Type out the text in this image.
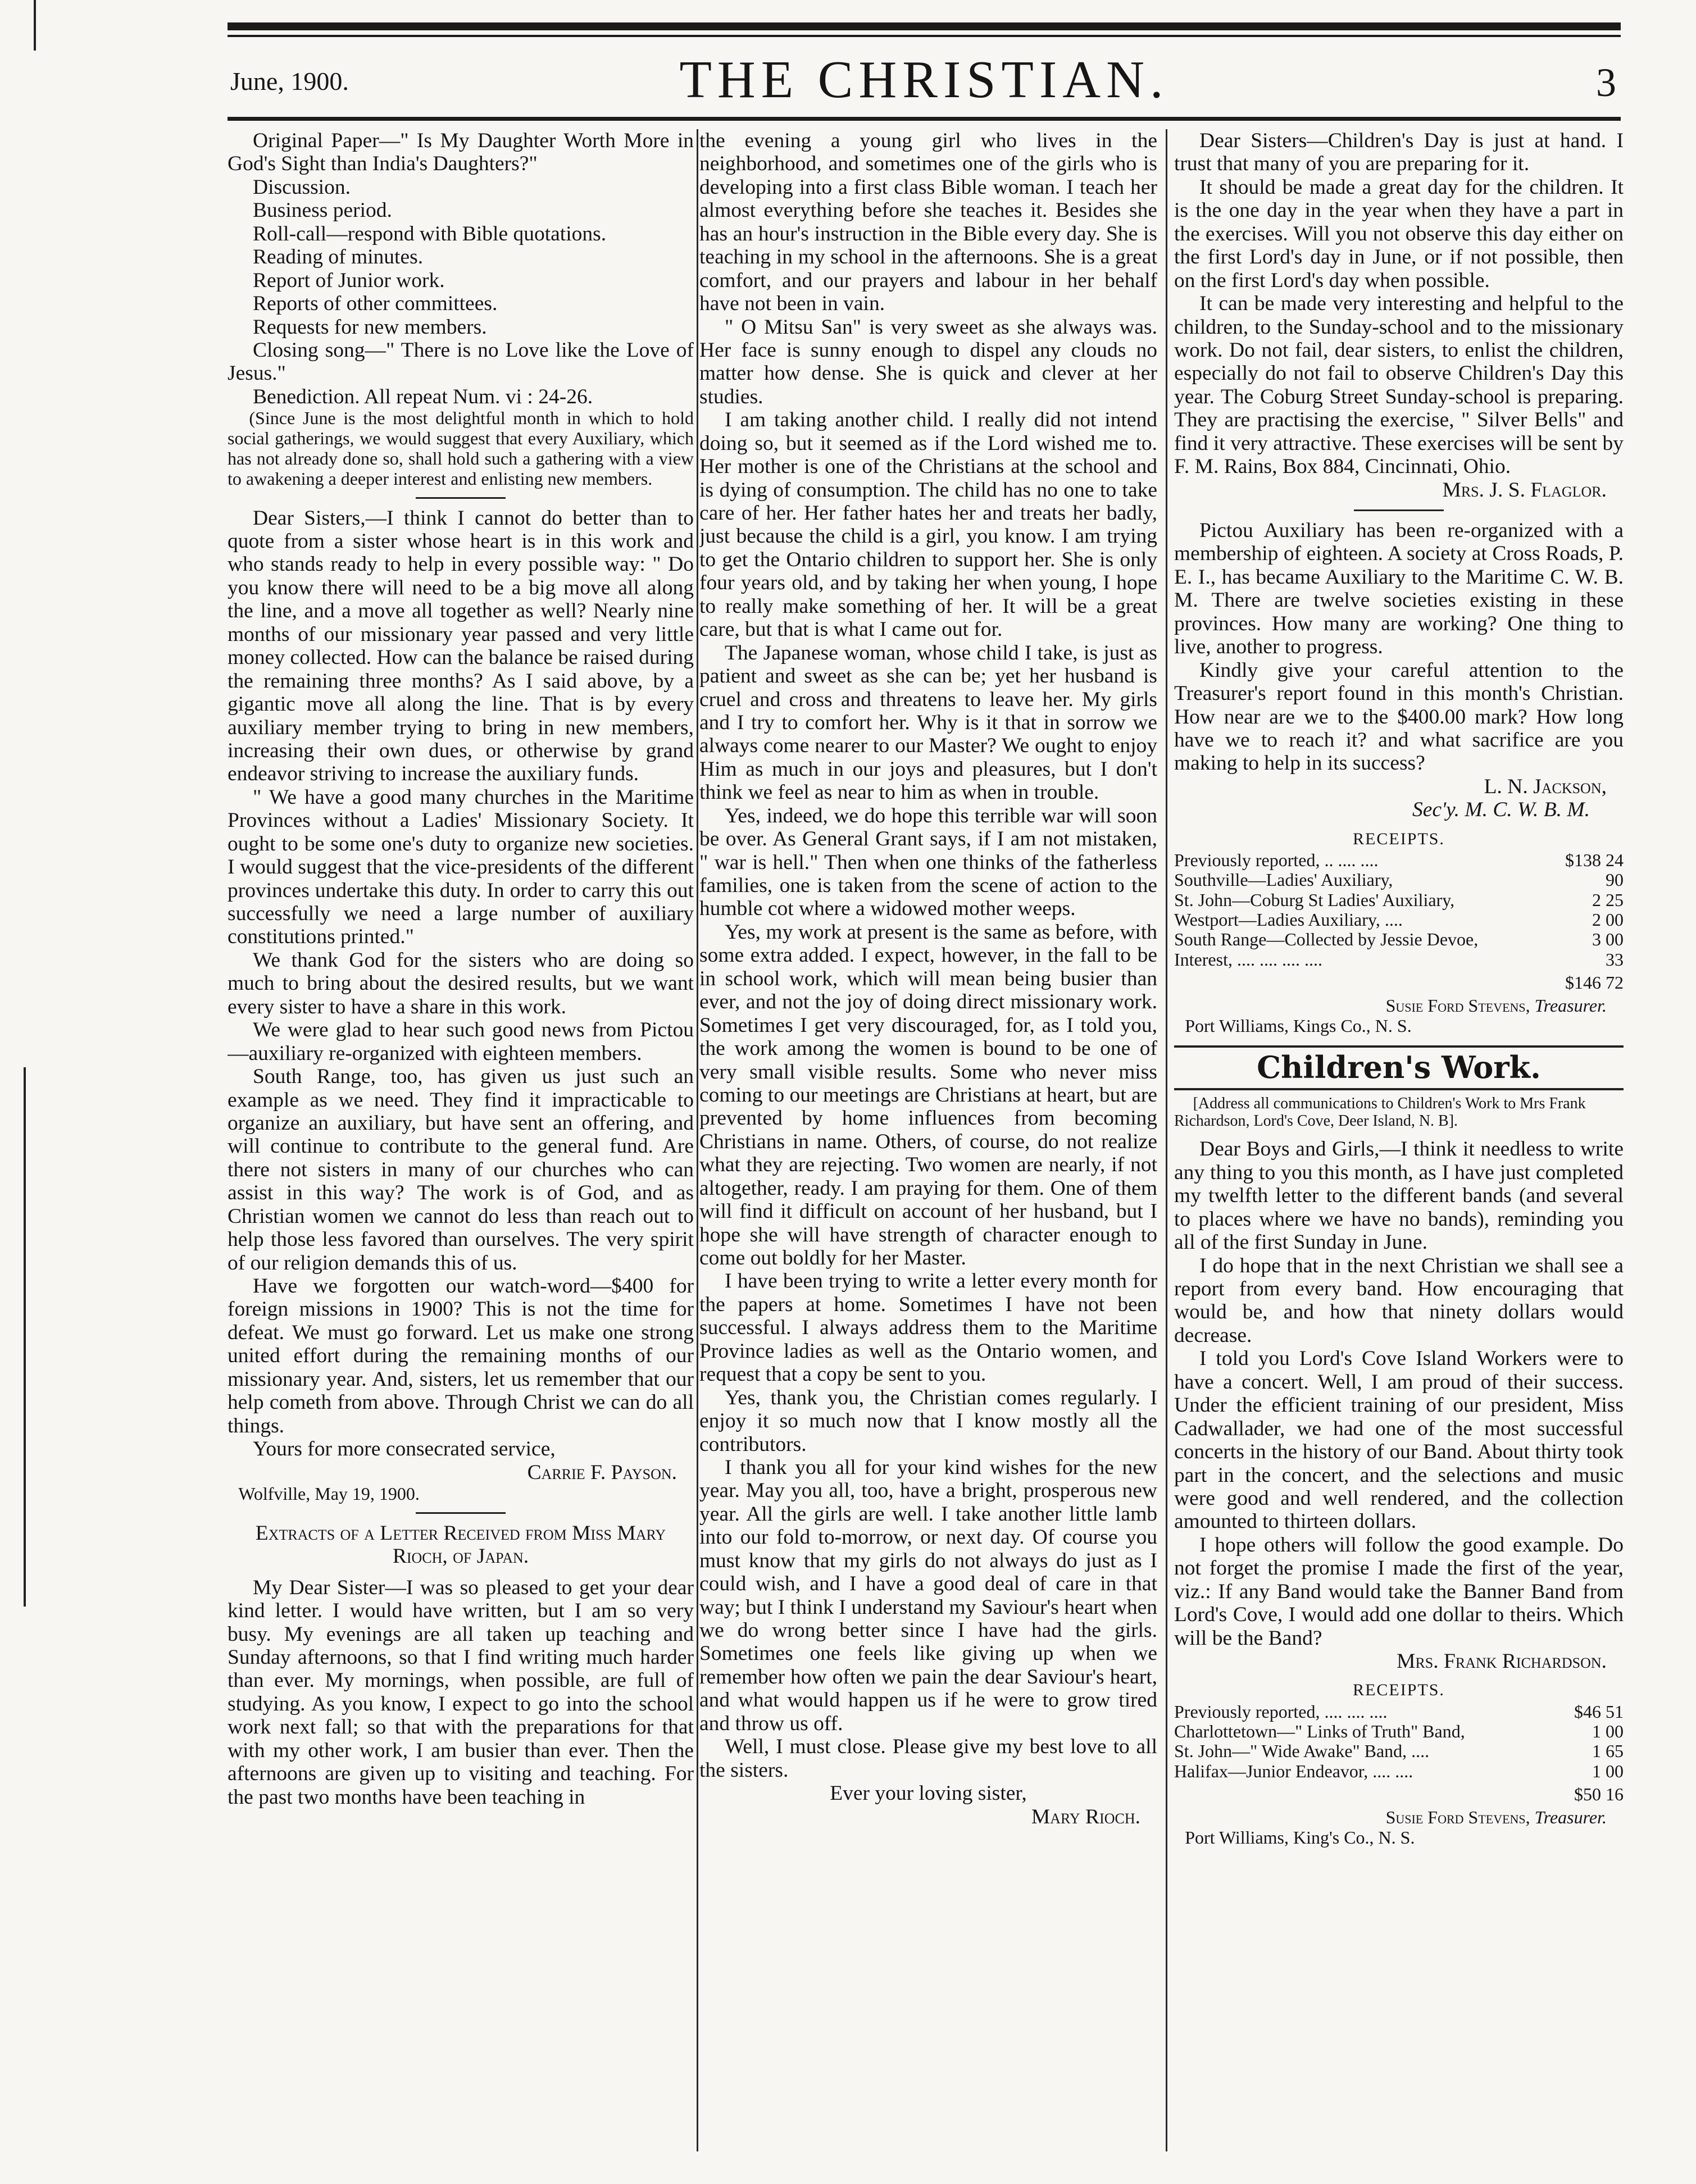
June, 1900.	THE CHRISTIAN.	3

Original Paper—" Is My Daughter Worth More in God's Sight than India's Daughters?"

Discussion.

Business period.

Roll-call—respond with Bible quotations.

Reading of minutes.

Report of Junior work.

Reports of other committees.

Requests for new members.

Closing song—" There is no Love like the Love of Jesus."

Benediction. All repeat Num. vi : 24-26.

(Since June is the most delightful month in which to hold social gatherings, we would suggest that every Auxiliary, which has not already done so, shall hold such a gathering with a view to awakening a deeper interest and enlisting new members.

Dear Sisters,—I think I cannot do better than to quote from a sister whose heart is in this work and who stands ready to help in every possible way: " Do you know there will need to be a big move all along the line, and a move all together as well? Nearly nine months of our missionary year passed and very little money collected. How can the balance be raised during the remaining three months? As I said above, by a gigantic move all along the line. That is by every auxiliary member trying to bring in new members, increasing their own dues, or otherwise by grand endeavor striving to increase the auxiliary funds.

" We have a good many churches in the Maritime Provinces without a Ladies' Missionary Society. It ought to be some one's duty to organize new societies. I would suggest that the vice-presidents of the different provinces undertake this duty. In order to carry this out successfully we need a large number of auxiliary constitutions printed."

We thank God for the sisters who are doing so much to bring about the desired results, but we want every sister to have a share in this work.

We were glad to hear such good news from Pictou—auxiliary re-organized with eighteen members.

South Range, too, has given us just such an example as we need. They find it impracticable to organize an auxiliary, but have sent an offering, and will continue to contribute to the general fund. Are there not sisters in many of our churches who can assist in this way? The work is of God, and as Christian women we cannot do less than reach out to help those less favored than ourselves. The very spirit of our religion demands this of us.

Have we forgotten our watch-word—$400 for foreign missions in 1900? This is not the time for defeat. We must go forward. Let us make one strong united effort during the remaining months of our missionary year. And, sisters, let us remember that our help cometh from above. Through Christ we can do all things.

Yours for more consecrated service,

Carrie F. Payson.

Wolfville, May 19, 1900.

Extracts of a Letter Received from Miss Mary Rioch, of Japan.

My Dear Sister—I was so pleased to get your dear kind letter. I would have written, but I am so very busy. My evenings are all taken up teaching and Sunday afternoons, so that I find writing much harder than ever. My mornings, when possible, are full of studying. As you know, I expect to go into the school work next fall; so that with the preparations for that with my other work, I am busier than ever. Then the afternoons are given up to visiting and teaching. For the past two months have been teaching in

the evening a young girl who lives in the neighborhood, and sometimes one of the girls who is developing into a first class Bible woman. I teach her almost everything before she teaches it. Besides she has an hour's instruction in the Bible every day. She is teaching in my school in the afternoons. She is a great comfort, and our prayers and labour in her behalf have not been in vain.

" O Mitsu San" is very sweet as she always was. Her face is sunny enough to dispel any clouds no matter how dense. She is quick and clever at her studies.

I am taking another child. I really did not intend doing so, but it seemed as if the Lord wished me to. Her mother is one of the Christians at the school and is dying of consumption. The child has no one to take care of her. Her father hates her and treats her badly, just because the child is a girl, you know. I am trying to get the Ontario children to support her. She is only four years old, and by taking her when young, I hope to really make something of her. It will be a great care, but that is what I came out for.

The Japanese woman, whose child I take, is just as patient and sweet as she can be; yet her husband is cruel and cross and threatens to leave her. My girls and I try to comfort her. Why is it that in sorrow we always come nearer to our Master? We ought to enjoy Him as much in our joys and pleasures, but I don't think we feel as near to him as when in trouble.

Yes, indeed, we do hope this terrible war will soon be over. As General Grant says, if I am not mistaken, " war is hell." Then when one thinks of the fatherless families, one is taken from the scene of action to the humble cot where a widowed mother weeps.

Yes, my work at present is the same as before, with some extra added. I expect, however, in the fall to be in school work, which will mean being busier than ever, and not the joy of doing direct missionary work. Sometimes I get very discouraged, for, as I told you, the work among the women is bound to be one of very small visible results. Some who never miss coming to our meetings are Christians at heart, but are prevented by home influences from becoming Christians in name. Others, of course, do not realize what they are rejecting. Two women are nearly, if not altogether, ready. I am praying for them. One of them will find it difficult on account of her husband, but I hope she will have strength of character enough to come out boldly for her Master.

I have been trying to write a letter every month for the papers at home. Sometimes I have not been successful. I always address them to the Maritime Province ladies as well as the Ontario women, and request that a copy be sent to you.

Yes, thank you, the Christian comes regularly. I enjoy it so much now that I know mostly all the contributors.

I thank you all for your kind wishes for the new year. May you all, too, have a bright, prosperous new year. All the girls are well. I take another little lamb into our fold to-morrow, or next day. Of course you must know that my girls do not always do just as I could wish, and I have a good deal of care in that way; but I think I understand my Saviour's heart when we do wrong better since I have had the girls. Sometimes one feels like giving up when we remember how often we pain the dear Saviour's heart, and what would happen us if he were to grow tired and throw us off.

Well, I must close. Please give my best love to all the sisters.

Ever your loving sister,

Mary Rioch.

Dear Sisters—Children's Day is just at hand. I trust that many of you are preparing for it.

It should be made a great day for the children. It is the one day in the year when they have a part in the exercises. Will you not observe this day either on the first Lord's day in June, or if not possible, then on the first Lord's day when possible.

It can be made very interesting and helpful to the children, to the Sunday-school and to the missionary work. Do not fail, dear sisters, to enlist the children, especially do not fail to observe Children's Day this year. The Coburg Street Sunday-school is preparing. They are practising the exercise, " Silver Bells" and find it very attractive. These exercises will be sent by F. M. Rains, Box 884, Cincinnati, Ohio.

Mrs. J. S. Flaglor.

Pictou Auxiliary has been re-organized with a membership of eighteen. A society at Cross Roads, P. E. I., has became Auxiliary to the Maritime C. W. B. M. There are twelve societies existing in these provinces. How many are working? One thing to live, another to progress.

Kindly give your careful attention to the Treasurer's report found in this month's Christian. How near are we to the $400.00 mark? How long have we to reach it? and what sacrifice are you making to help in its success?

L. N. Jackson,

Sec'y. M. C. W. B. M.

RECEIPTS.
Previously reported, .. .... ....	$138 24
Southville—Ladies' Auxiliary,	90
St. John—Coburg St Ladies' Auxiliary,	2 25
Westport—Ladies Auxiliary, ....	2 00
South Range—Collected by Jessie Devoe,	3 00
Interest, .... .... .... ....	33
$146 72

Susie Ford Stevens, Treasurer.

Port Williams, Kings Co., N. S.

Children's Work.

[Address all communications to Children's Work to Mrs Frank Richardson, Lord's Cove, Deer Island, N. B].

Dear Boys and Girls,—I think it needless to write any thing to you this month, as I have just completed my twelfth letter to the different bands (and several to places where we have no bands), reminding you all of the first Sunday in June.

I do hope that in the next Christian we shall see a report from every band. How encouraging that would be, and how that ninety dollars would decrease.

I told you Lord's Cove Island Workers were to have a concert. Well, I am proud of their success. Under the efficient training of our president, Miss Cadwallader, we had one of the most successful concerts in the history of our Band. About thirty took part in the concert, and the selections and music were good and well rendered, and the collection amounted to thirteen dollars.

I hope others will follow the good example. Do not forget the promise I made the first of the year, viz.: If any Band would take the Banner Band from Lord's Cove, I would add one dollar to theirs. Which will be the Band?

Mrs. Frank Richardson.

RECEIPTS.
Previously reported, .... .... ....	$46 51
Charlottetown—" Links of Truth" Band,	1 00
St. John—" Wide Awake" Band, ....	1 65
Halifax—Junior Endeavor, .... ....	1 00
$50 16

Susie Ford Stevens, Treasurer.

Port Williams, King's Co., N. S.
